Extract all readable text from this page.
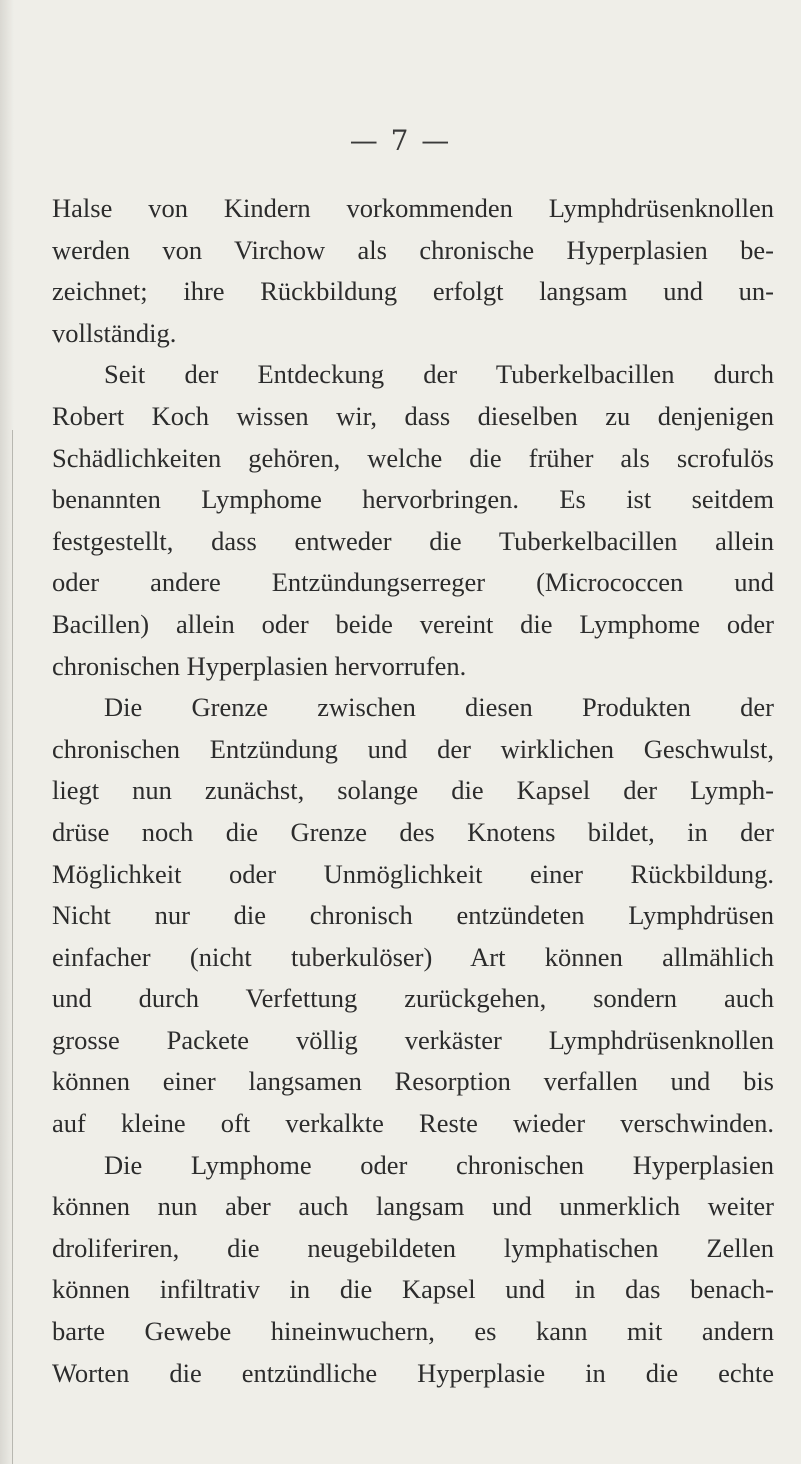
— 7 —
Halse von Kindern vorkommenden Lymphdrüsenknollen
werden von Virchow als chronische Hyperplasien be-
zeichnet; ihre Rückbildung erfolgt langsam und un-
vollständig.
Seit der Entdeckung der Tuberkelbacillen durch
Robert Koch wissen wir, dass dieselben zu denjenigen
Schädlichkeiten gehören, welche die früher als scrofulös
benannten Lymphome hervorbringen. Es ist seitdem
festgestellt, dass entweder die Tuberkelbacillen allein
oder andere Entzündungserreger (Micrococcen und
Bacillen) allein oder beide vereint die Lymphome oder
chronischen Hyperplasien hervorrufen.
Die Grenze zwischen diesen Produkten der
chronischen Entzündung und der wirklichen Geschwulst,
liegt nun zunächst, solange die Kapsel der Lymph-
drüse noch die Grenze des Knotens bildet, in der
Möglichkeit oder Unmöglichkeit einer Rückbildung.
Nicht nur die chronisch entzündeten Lymphdrüsen
einfacher (nicht tuberkulöser) Art können allmählich
und durch Verfettung zurückgehen, sondern auch
grosse Packete völlig verkäster Lymphdrüsenknollen
können einer langsamen Resorption verfallen und bis
auf kleine oft verkalkte Reste wieder verschwinden.
Die Lymphome oder chronischen Hyperplasien
können nun aber auch langsam und unmerklich weiter
droliferiren, die neugebildeten lymphatischen Zellen
können infiltrativ in die Kapsel und in das benach-
barte Gewebe hineinwuchern, es kann mit andern
Worten die entzündliche Hyperplasie in die echte
